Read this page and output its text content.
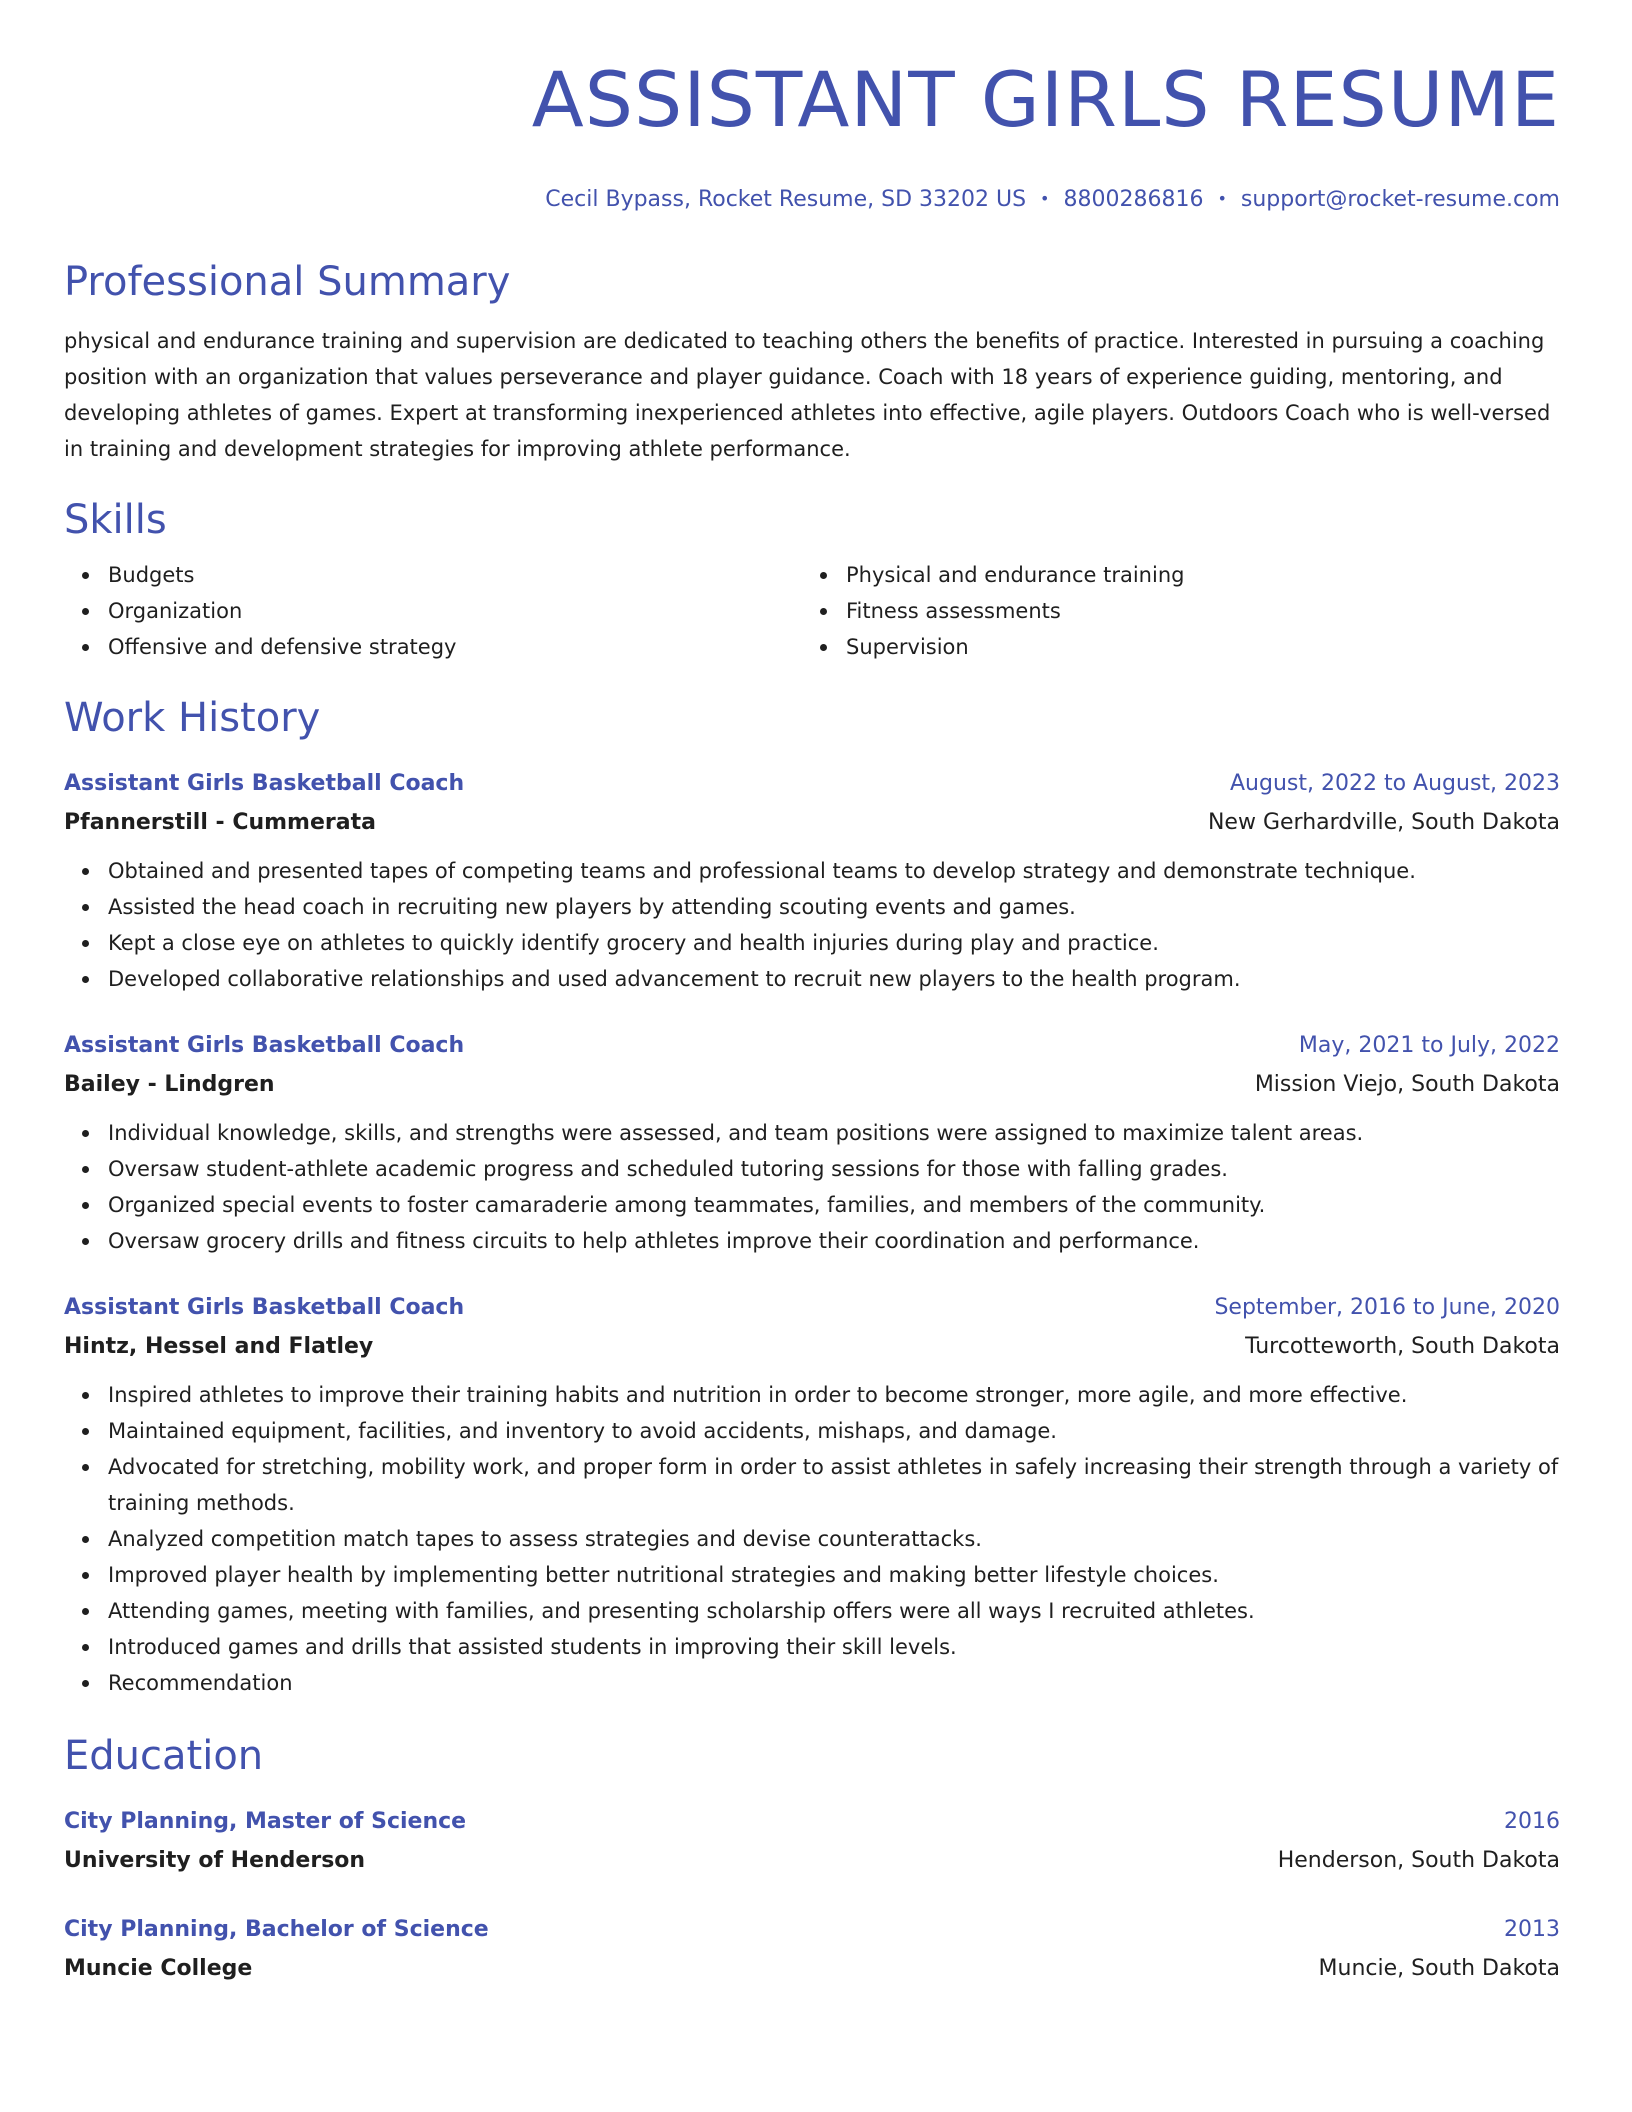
ASSISTANT GIRLS RESUME
Cecil Bypass, Rocket Resume, SD 33202 US • 8800286816 • support@rocket-resume.com
Professional Summary

physical and endurance training and supervision are dedicated to teaching others the benefits of practice. Interested in pursuing a coaching position with an organization that values perseverance and player guidance. Coach with 18 years of experience guiding, mentoring, and developing athletes of games. Expert at transforming inexperienced athletes into effective, agile players. Outdoors Coach who is well-versed in training and development strategies for improving athlete performance.

Skills
Budgets
Organization
Offensive and defensive strategy
Physical and endurance training
Fitness assessments
Supervision
Work History
Assistant Girls Basketball Coach	August, 2022 to August, 2023
Pfannerstill - Cummerata	New Gerhardville, South Dakota
Obtained and presented tapes of competing teams and professional teams to develop strategy and demonstrate technique.
Assisted the head coach in recruiting new players by attending scouting events and games.
Kept a close eye on athletes to quickly identify grocery and health injuries during play and practice.
Developed collaborative relationships and used advancement to recruit new players to the health program.
Assistant Girls Basketball Coach	May, 2021 to July, 2022
Bailey - Lindgren	Mission Viejo, South Dakota
Individual knowledge, skills, and strengths were assessed, and team positions were assigned to maximize talent areas.
Oversaw student-athlete academic progress and scheduled tutoring sessions for those with falling grades.
Organized special events to foster camaraderie among teammates, families, and members of the community.
Oversaw grocery drills and fitness circuits to help athletes improve their coordination and performance.
Assistant Girls Basketball Coach	September, 2016 to June, 2020
Hintz, Hessel and Flatley	Turcotteworth, South Dakota
Inspired athletes to improve their training habits and nutrition in order to become stronger, more agile, and more effective.
Maintained equipment, facilities, and inventory to avoid accidents, mishaps, and damage.
Advocated for stretching, mobility work, and proper form in order to assist athletes in safely increasing their strength through a variety of training methods.
Analyzed competition match tapes to assess strategies and devise counterattacks.
Improved player health by implementing better nutritional strategies and making better lifestyle choices.
Attending games, meeting with families, and presenting scholarship offers were all ways I recruited athletes.
Introduced games and drills that assisted students in improving their skill levels.
Recommendation
Education
City Planning, Master of Science	2016
University of Henderson	Henderson, South Dakota
City Planning, Bachelor of Science	2013
Muncie College	Muncie, South Dakota
